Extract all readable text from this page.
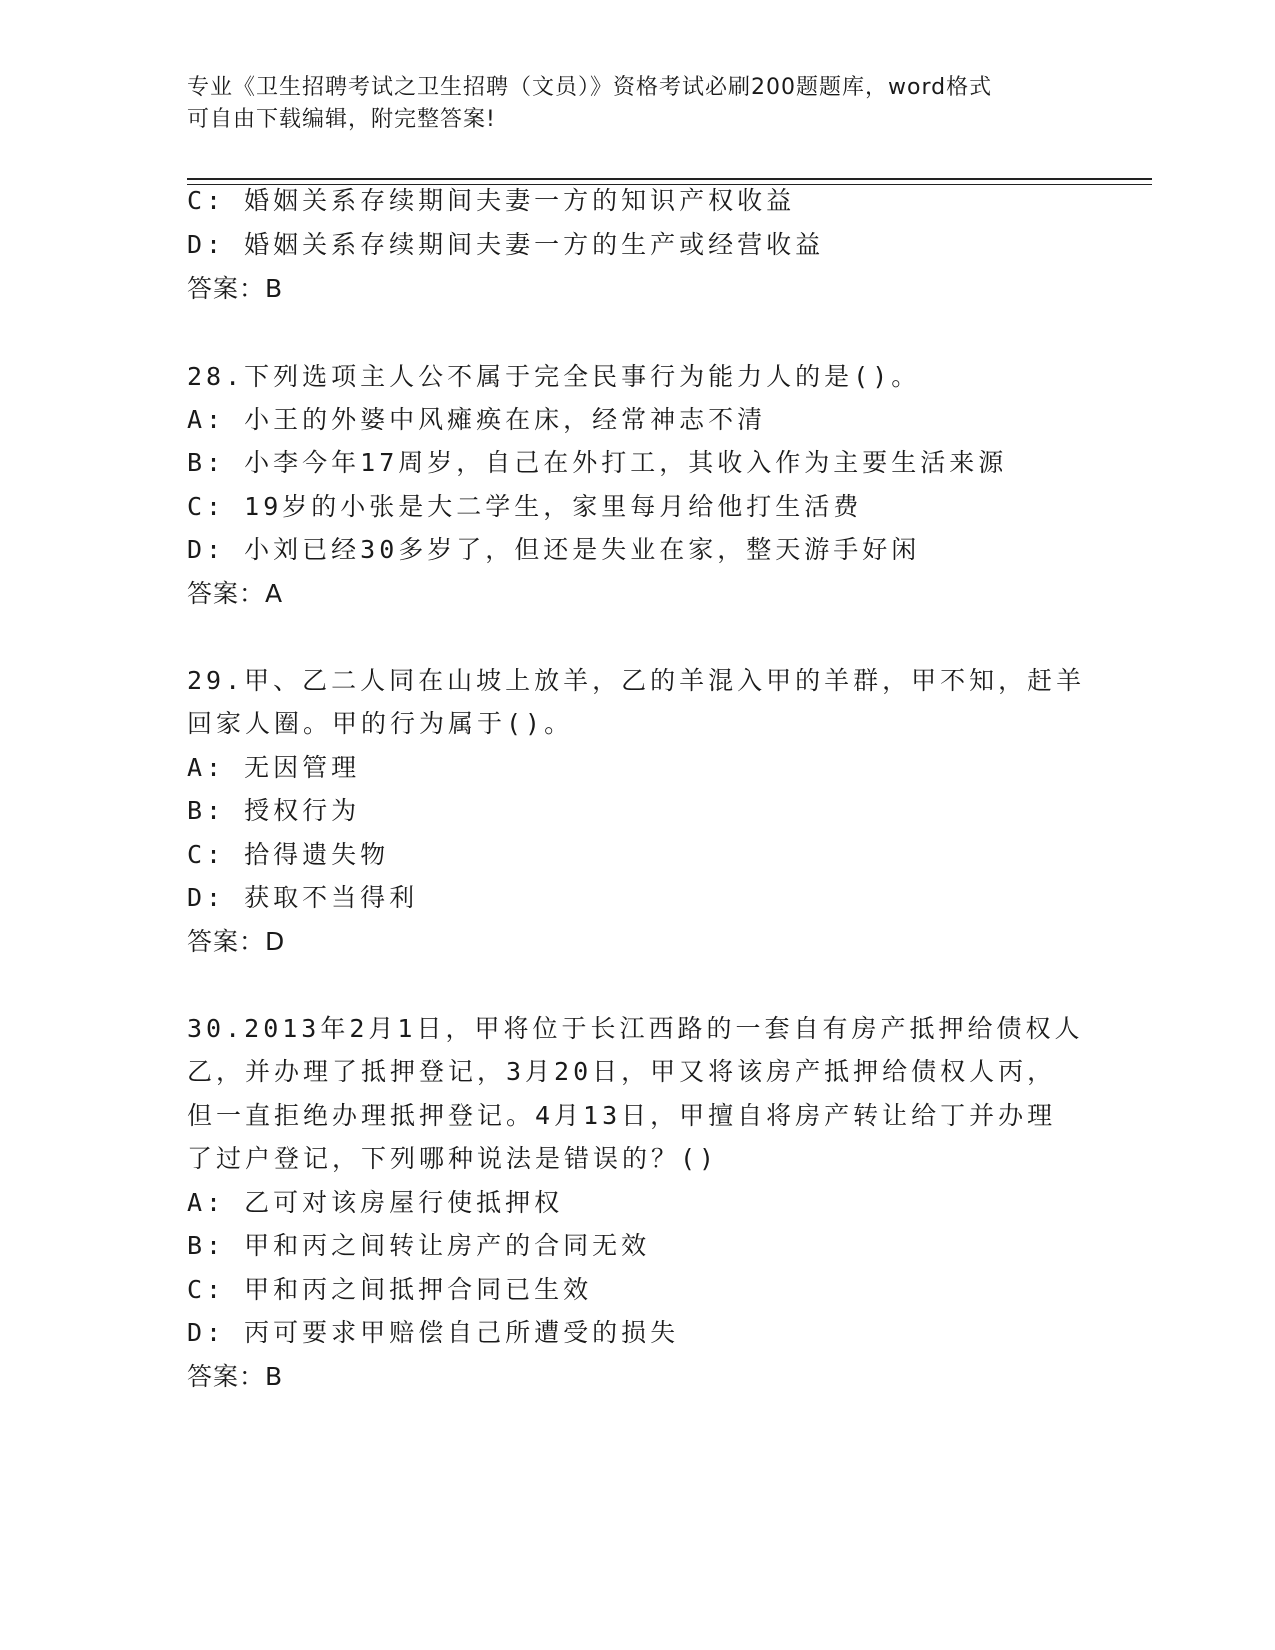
专业《卫生招聘考试之卫生招聘（文员）》资格考试必刷200题题库，word格式
可自由下载编辑，附完整答案!
C: 婚姻关系存续期间夫妻一方的知识产权收益
D: 婚姻关系存续期间夫妻一方的生产或经营收益
答案：B
28.下列选项主人公不属于完全民事行为能力人的是()。
A: 小王的外婆中风瘫痪在床，经常神志不清
B: 小李今年17周岁，自己在外打工，其收入作为主要生活来源
C: 19岁的小张是大二学生，家里每月给他打生活费
D: 小刘已经30多岁了，但还是失业在家，整天游手好闲
答案：A
29.甲、乙二人同在山坡上放羊，乙的羊混入甲的羊群，甲不知，赶羊
回家人圈。甲的行为属于()。
A: 无因管理
B: 授权行为
C: 拾得遗失物
D: 获取不当得利
答案：D
30.2013年2月1日，甲将位于长江西路的一套自有房产抵押给债权人
乙，并办理了抵押登记，3月20日，甲又将该房产抵押给债权人丙，
但一直拒绝办理抵押登记。4月13日，甲擅自将房产转让给丁并办理
了过户登记，下列哪种说法是错误的？()
A: 乙可对该房屋行使抵押权
B: 甲和丙之间转让房产的合同无效
C: 甲和丙之间抵押合同已生效
D: 丙可要求甲赔偿自己所遭受的损失
答案：B
